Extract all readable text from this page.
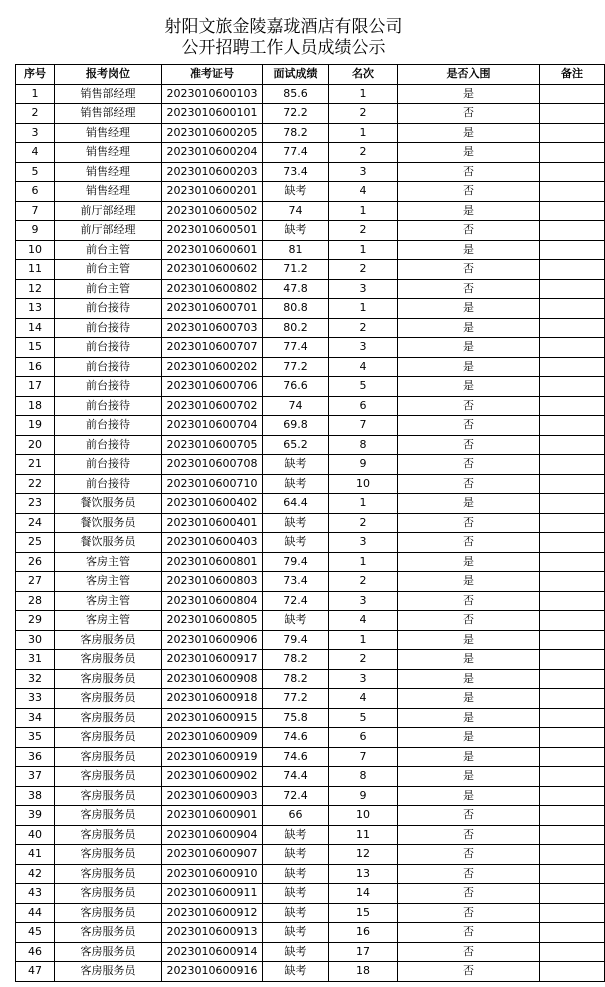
射阳文旅金陵嘉珑酒店有限公司
公开招聘工作人员成绩公示
序号	报考岗位	准考证号	面试成绩	名次	是否入围	备注
1	销售部经理	2023010600103	85.6	1	是	
2	销售部经理	2023010600101	72.2	2	否	
3	销售经理	2023010600205	78.2	1	是	
4	销售经理	2023010600204	77.4	2	是	
5	销售经理	2023010600203	73.4	3	否	
6	销售经理	2023010600201	缺考	4	否	
7	前厅部经理	2023010600502	74	1	是	
9	前厅部经理	2023010600501	缺考	2	否	
10	前台主管	2023010600601	81	1	是	
11	前台主管	2023010600602	71.2	2	否	
12	前台主管	2023010600802	47.8	3	否	
13	前台接待	2023010600701	80.8	1	是	
14	前台接待	2023010600703	80.2	2	是	
15	前台接待	2023010600707	77.4	3	是	
16	前台接待	2023010600202	77.2	4	是	
17	前台接待	2023010600706	76.6	5	是	
18	前台接待	2023010600702	74	6	否	
19	前台接待	2023010600704	69.8	7	否	
20	前台接待	2023010600705	65.2	8	否	
21	前台接待	2023010600708	缺考	9	否	
22	前台接待	2023010600710	缺考	10	否	
23	餐饮服务员	2023010600402	64.4	1	是	
24	餐饮服务员	2023010600401	缺考	2	否	
25	餐饮服务员	2023010600403	缺考	3	否	
26	客房主管	2023010600801	79.4	1	是	
27	客房主管	2023010600803	73.4	2	是	
28	客房主管	2023010600804	72.4	3	否	
29	客房主管	2023010600805	缺考	4	否	
30	客房服务员	2023010600906	79.4	1	是	
31	客房服务员	2023010600917	78.2	2	是	
32	客房服务员	2023010600908	78.2	3	是	
33	客房服务员	2023010600918	77.2	4	是	
34	客房服务员	2023010600915	75.8	5	是	
35	客房服务员	2023010600909	74.6	6	是	
36	客房服务员	2023010600919	74.6	7	是	
37	客房服务员	2023010600902	74.4	8	是	
38	客房服务员	2023010600903	72.4	9	是	
39	客房服务员	2023010600901	66	10	否	
40	客房服务员	2023010600904	缺考	11	否	
41	客房服务员	2023010600907	缺考	12	否	
42	客房服务员	2023010600910	缺考	13	否	
43	客房服务员	2023010600911	缺考	14	否	
44	客房服务员	2023010600912	缺考	15	否	
45	客房服务员	2023010600913	缺考	16	否	
46	客房服务员	2023010600914	缺考	17	否	
47	客房服务员	2023010600916	缺考	18	否	
